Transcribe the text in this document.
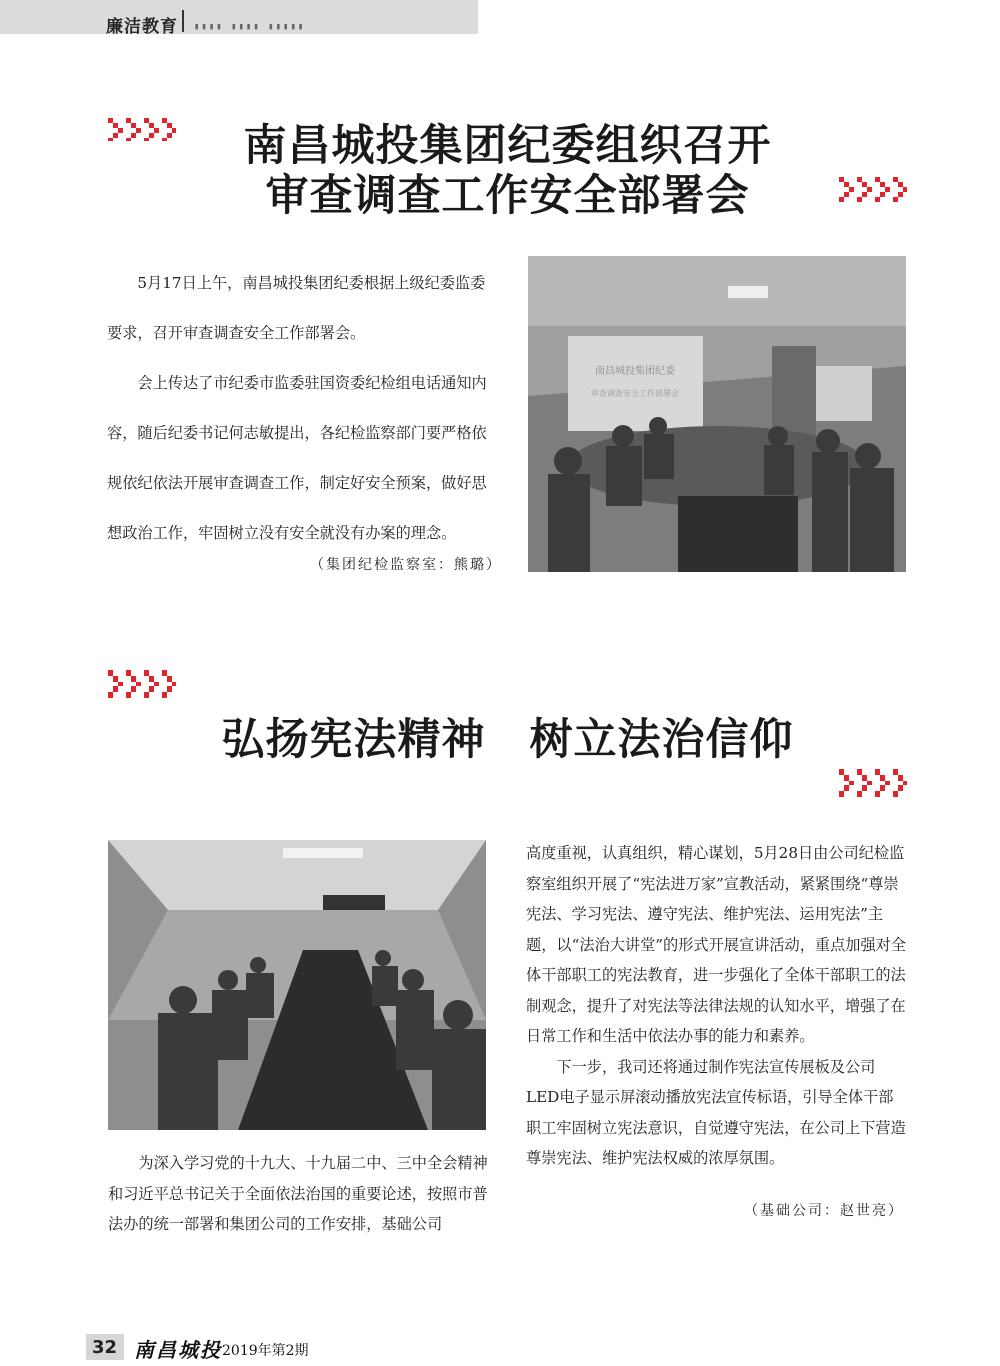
廉洁教育 ▮▮▮▮ ▮▮▮▮ ▮▮▮▮▮
南昌城投集团纪委组织召开
审查调查工作安全部署会

5月17日上午，南昌城投集团纪委根据上级纪委监委要求，召开审查调查安全工作部署会。

会上传达了市纪委市监委驻国资委纪检组电话通知内容，随后纪委书记何志敏提出，各纪检监察部门要严格依规依纪依法开展审查调查工作，制定好安全预案，做好思想政治工作，牢固树立没有安全就没有办案的理念。

（集团纪检监察室：熊璐）
南昌城投集团纪委
审查调查安全工作部署会
弘扬宪法精神　树立法治信仰

为深入学习党的十九大、十九届二中、三中全会精神和习近平总书记关于全面依法治国的重要论述，按照市普法办的统一部署和集团公司的工作安排，基础公司

高度重视，认真组织，精心谋划，5月28日由公司纪检监察室组织开展了“宪法进万家”宣教活动，紧紧围绕“尊崇宪法、学习宪法、遵守宪法、维护宪法、运用宪法”主题，以“法治大讲堂”的形式开展宣讲活动，重点加强对全体干部职工的宪法教育，进一步强化了全体干部职工的法制观念，提升了对宪法等法律法规的认知水平，增强了在日常工作和生活中依法办事的能力和素养。

下一步，我司还将通过制作宪法宣传展板及公司LED电子显示屏滚动播放宪法宣传标语，引导全体干部职工牢固树立宪法意识，自觉遵守宪法，在公司上下营造尊崇宪法、维护宪法权威的浓厚氛围。

（基础公司：赵世亮）
32 南昌城投 2019年第2期
